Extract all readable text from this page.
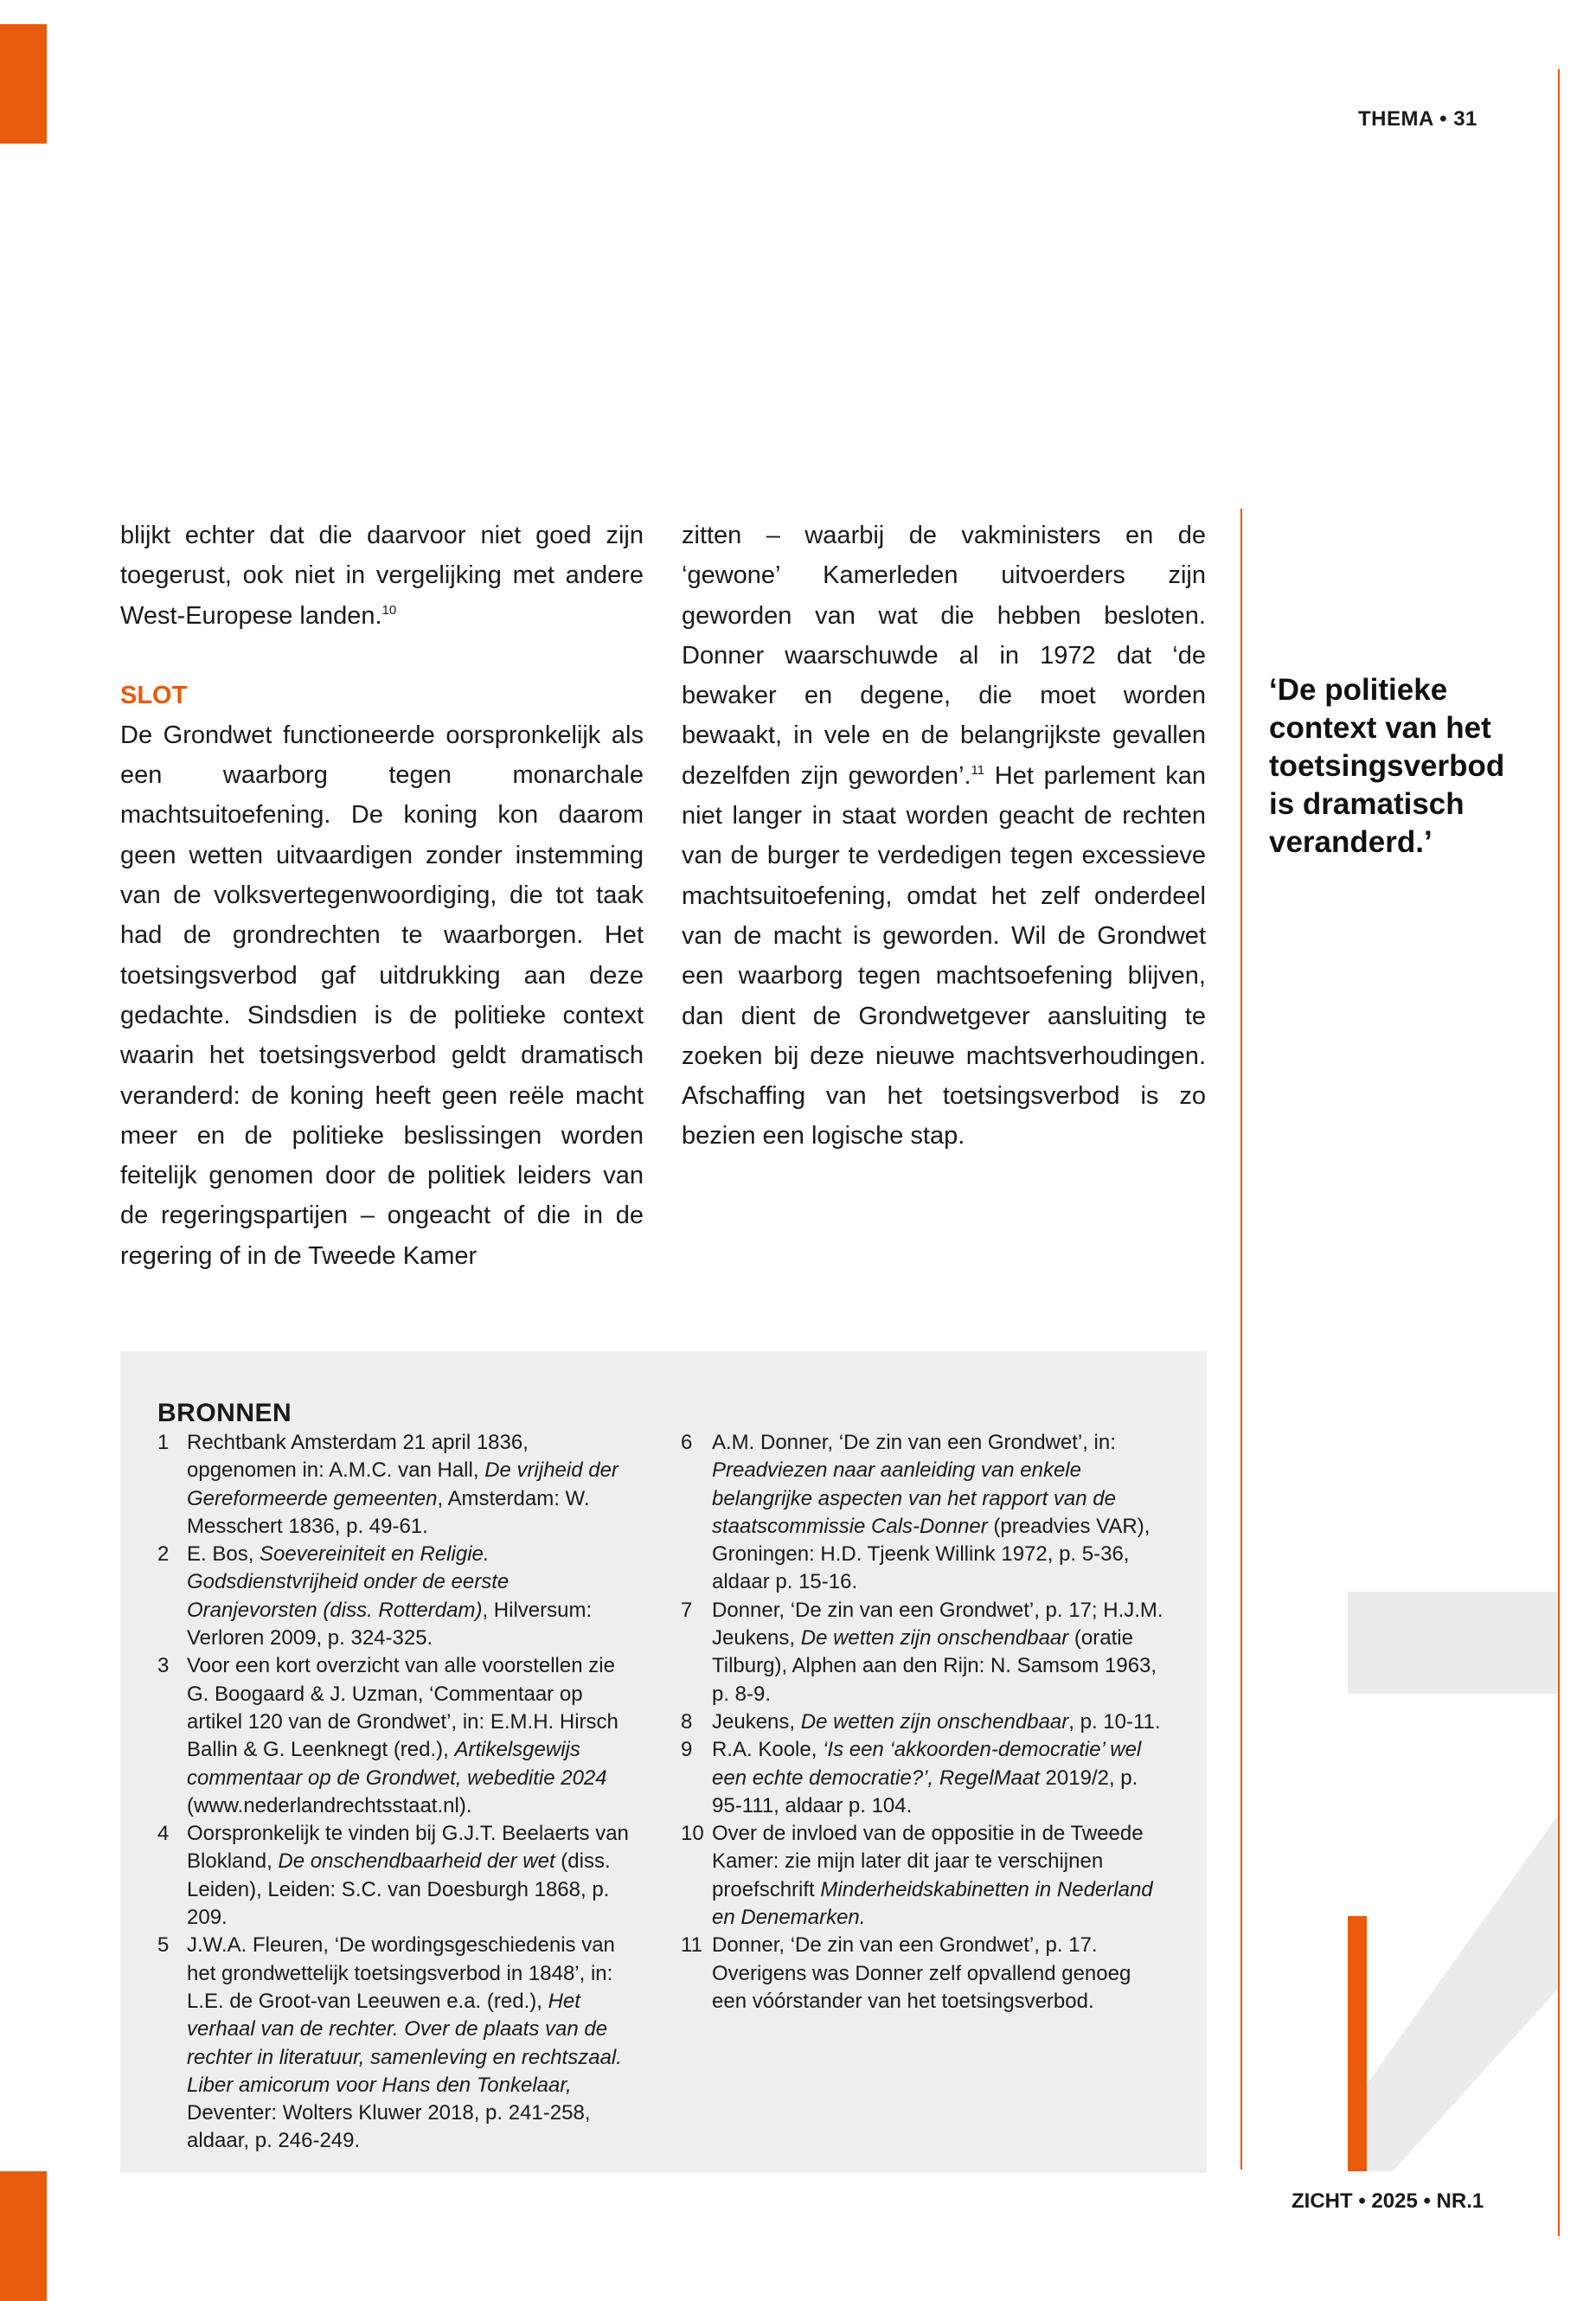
THEMA • 31

blijkt echter dat die daarvoor niet goed zijn toegerust, ook niet in vergelijking met andere West-Europese landen.$^{10}$

SLOT

De Grondwet functioneerde oorspronkelijk als een waarborg tegen monarchale machtsuitoefening. De koning kon daarom geen wetten uitvaardigen zonder instemming van de volksvertegenwoordiging, die tot taak had de grondrechten te waarborgen. Het toetsingsverbod gaf uitdrukking aan deze gedachte. Sindsdien is de politieke context waarin het toetsingsverbod geldt dramatisch veranderd: de koning heeft geen reële macht meer en de politieke beslissingen worden feitelijk genomen door de politiek leiders van de regeringspartijen – ongeacht of die in de regering of in de Tweede Kamer

zitten – waarbij de vakministers en de ‘gewone’ Kamerleden uitvoerders zijn geworden van wat die hebben besloten. Donner waarschuwde al in 1972 dat ‘de bewaker en degene, die moet worden bewaakt, in vele en de belangrijkste gevallen dezelfden zijn geworden’.$^{11}$ Het parlement kan niet langer in staat worden geacht de rechten van de burger te verdedigen tegen excessieve machtsuitoefening, omdat het zelf onderdeel van de macht is geworden. Wil de Grondwet een waarborg tegen machtsoefening blijven, dan dient de Grondwetgever aansluiting te zoeken bij deze nieuwe machtsverhoudingen. Afschaffing van het toetsingsverbod is zo bezien een logische stap.

‘De politieke context van het toetsingsverbod is dramatisch veranderd.’
BRONNEN
1 Rechtbank Amsterdam 21 april 1836, opgenomen in: A.M.C. van Hall, De vrijheid der Gereformeerde gemeenten, Amsterdam: W. Messchert 1836, p. 49-61.
2 E. Bos, Soevereiniteit en Religie. Godsdienstvrijheid onder de eerste Oranjevorsten (diss. Rotterdam), Hilversum: Verloren 2009, p. 324-325.
3 Voor een kort overzicht van alle voorstellen zie G. Boogaard & J. Uzman, ‘Commentaar op artikel 120 van de Grondwet’, in: E.M.H. Hirsch Ballin & G. Leenknegt (red.), Artikelsgewijs commentaar op de Grondwet, webeditie 2024 (www.nederlandrechtsstaat.nl).
4 Oorspronkelijk te vinden bij G.J.T. Beelaerts van Blokland, De onschendbaarheid der wet (diss. Leiden), Leiden: S.C. van Doesburgh 1868, p. 209.
5 J.W.A. Fleuren, ‘De wordingsgeschiedenis van het grondwettelijk toetsingsverbod in 1848’, in: L.E. de Groot-van Leeuwen e.a. (red.), Het verhaal van de rechter. Over de plaats van de rechter in literatuur, samenleving en rechtszaal. Liber amicorum voor Hans den Tonkelaar, Deventer: Wolters Kluwer 2018, p. 241-258, aldaar, p. 246-249.
6 A.M. Donner, ‘De zin van een Grondwet’, in: Preadviezen naar aanleiding van enkele belangrijke aspecten van het rapport van de staatscommissie Cals-Donner (preadvies VAR), Groningen: H.D. Tjeenk Willink 1972, p. 5-36, aldaar p. 15-16.
7 Donner, ‘De zin van een Grondwet’, p. 17; H.J.M. Jeukens, De wetten zijn onschendbaar (oratie Tilburg), Alphen aan den Rijn: N. Samsom 1963, p. 8-9.
8 Jeukens, De wetten zijn onschendbaar, p. 10-11.
9 R.A. Koole, ‘Is een ‘akkoorden-democratie’ wel een echte democratie?’, RegelMaat 2019/2, p. 95-111, aldaar p. 104.
10 Over de invloed van de oppositie in de Tweede Kamer: zie mijn later dit jaar te verschijnen proefschrift Minderheidskabinetten in Nederland en Denemarken.
11 Donner, ‘De zin van een Grondwet’, p. 17. Overigens was Donner zelf opvallend genoeg een vóórstander van het toetsingsverbod.
ZICHT • 2025 • NR.1
